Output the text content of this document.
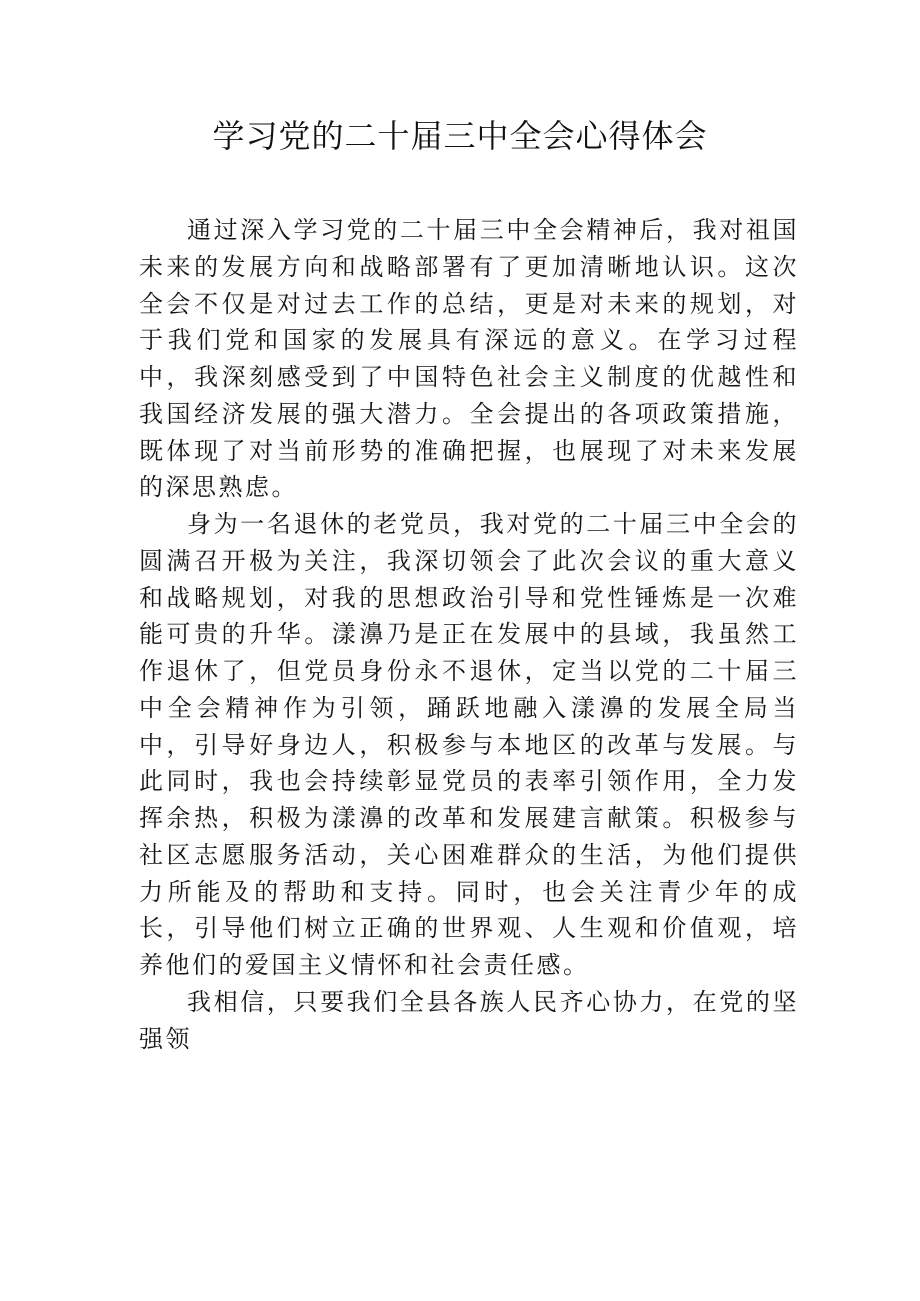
学习党的二十届三中全会心得体会

通过深入学习党的二十届三中全会精神后，我对祖国未来的发展方向和战略部署有了更加清晰地认识。这次全会不仅是对过去工作的总结，更是对未来的规划，对于我们党和国家的发展具有深远的意义。在学习过程中，我深刻感受到了中国特色社会主义制度的优越性和我国经济发展的强大潜力。全会提出的各项政策措施，既体现了对当前形势的准确把握，也展现了对未来发展的深思熟虑。

身为一名退休的老党员，我对党的二十届三中全会的圆满召开极为关注，我深切领会了此次会议的重大意义和战略规划，对我的思想政治引导和党性锤炼是一次难能可贵的升华。漾濞乃是正在发展中的县域，我虽然工作退休了，但党员身份永不退休，定当以党的二十届三中全会精神作为引领，踊跃地融入漾濞的发展全局当中，引导好身边人，积极参与本地区的改革与发展。与此同时，我也会持续彰显党员的表率引领作用，全力发挥余热，积极为漾濞的改革和发展建言献策。积极参与社区志愿服务活动，关心困难群众的生活，为他们提供力所能及的帮助和支持。同时，也会关注青少年的成长，引导他们树立正确的世界观、人生观和价值观，培养他们的爱国主义情怀和社会责任感。

我相信，只要我们全县各族人民齐心协力，在党的坚强领
